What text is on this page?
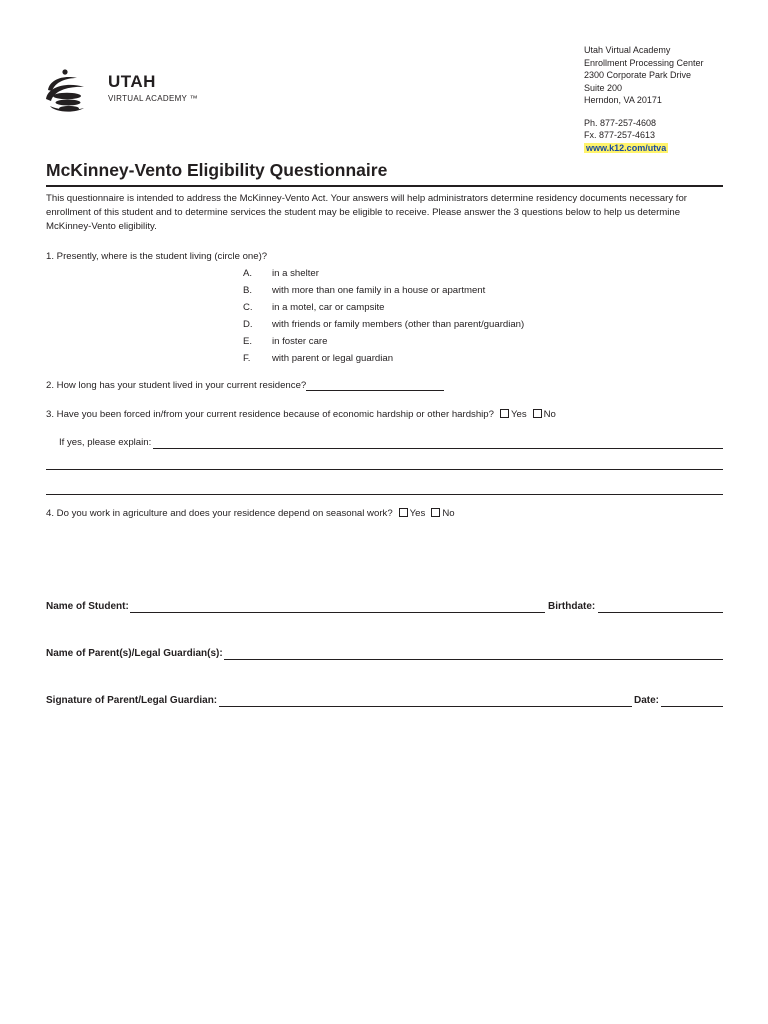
UTAH
VIRTUAL ACADEMY ™
Utah Virtual Academy
Enrollment Processing Center
2300 Corporate Park Drive
Suite 200
Herndon, VA 20171
Ph. 877-257-4608
Fx. 877-257-4613
www.k12.com/utva
McKinney-Vento Eligibility Questionnaire
This questionnaire is intended to address the McKinney-Vento Act. Your answers will help administrators determine residency documents necessary for enrollment of this student and to determine services the student may be eligible to receive. Please answer the 3 questions below to help us determine McKinney-Vento eligibility.
1. Presently, where is the student living (circle one)?
A. in a shelter
B. with more than one family in a house or apartment
C. in a motel, car or campsite
D. with friends or family members (other than parent/guardian)
E. in foster care
F. with parent or legal guardian
2. How long has your student lived in your current residence?
3. Have you been forced in/from your current residence because of economic hardship or other hardship? Yes No
If yes, please explain:
4. Do you work in agriculture and does your residence depend on seasonal work? Yes No
Name of Student:	Birthdate:
Name of Parent(s)/Legal Guardian(s):
Signature of Parent/Legal Guardian:	Date:
